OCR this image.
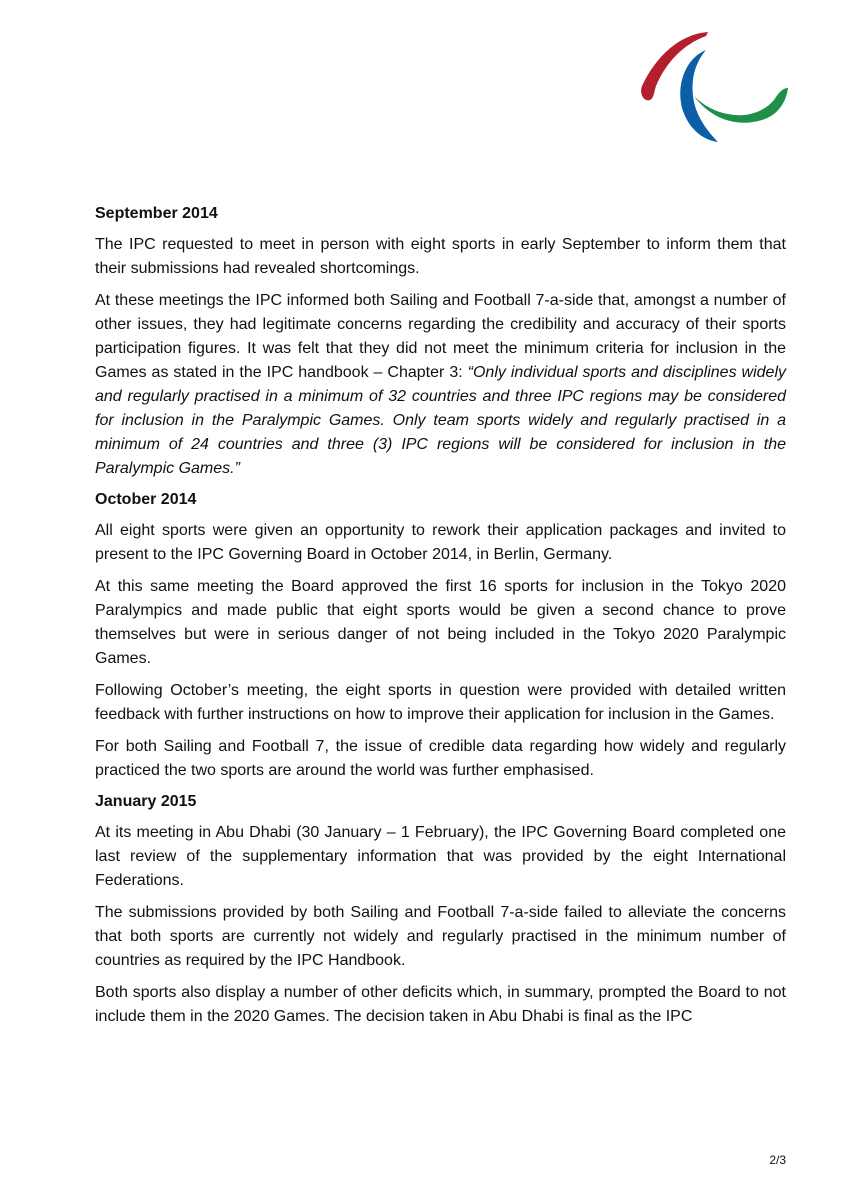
September 2014

The IPC requested to meet in person with eight sports in early September to inform them that their submissions had revealed shortcomings.

At these meetings the IPC informed both Sailing and Football 7-a-side that, amongst a number of other issues, they had legitimate concerns regarding the credibility and accuracy of their sports participation figures. It was felt that they did not meet the minimum criteria for inclusion in the Games as stated in the IPC handbook – Chapter 3: “Only individual sports and disciplines widely and regularly practised in a minimum of 32 countries and three IPC regions may be considered for inclusion in the Paralympic Games. Only team sports widely and regularly practised in a minimum of 24 countries and three (3) IPC regions will be considered for inclusion in the Paralympic Games.”

October 2014

All eight sports were given an opportunity to rework their application packages and invited to present to the IPC Governing Board in October 2014, in Berlin, Germany.

At this same meeting the Board approved the first 16 sports for inclusion in the Tokyo 2020 Paralympics and made public that eight sports would be given a second chance to prove themselves but were in serious danger of not being included in the Tokyo 2020 Paralympic Games.

Following October’s meeting, the eight sports in question were provided with detailed written feedback with further instructions on how to improve their application for inclusion in the Games.

For both Sailing and Football 7, the issue of credible data regarding how widely and regularly practiced the two sports are around the world was further emphasised.

January 2015

At its meeting in Abu Dhabi (30 January – 1 February), the IPC Governing Board completed one last review of the supplementary information that was provided by the eight International Federations.

The submissions provided by both Sailing and Football 7-a-side failed to alleviate the concerns that both sports are currently not widely and regularly practised in the minimum number of countries as required by the IPC Handbook.

Both sports also display a number of other deficits which, in summary, prompted the Board to not include them in the 2020 Games. The decision taken in Abu Dhabi is final as the IPC

2/3
